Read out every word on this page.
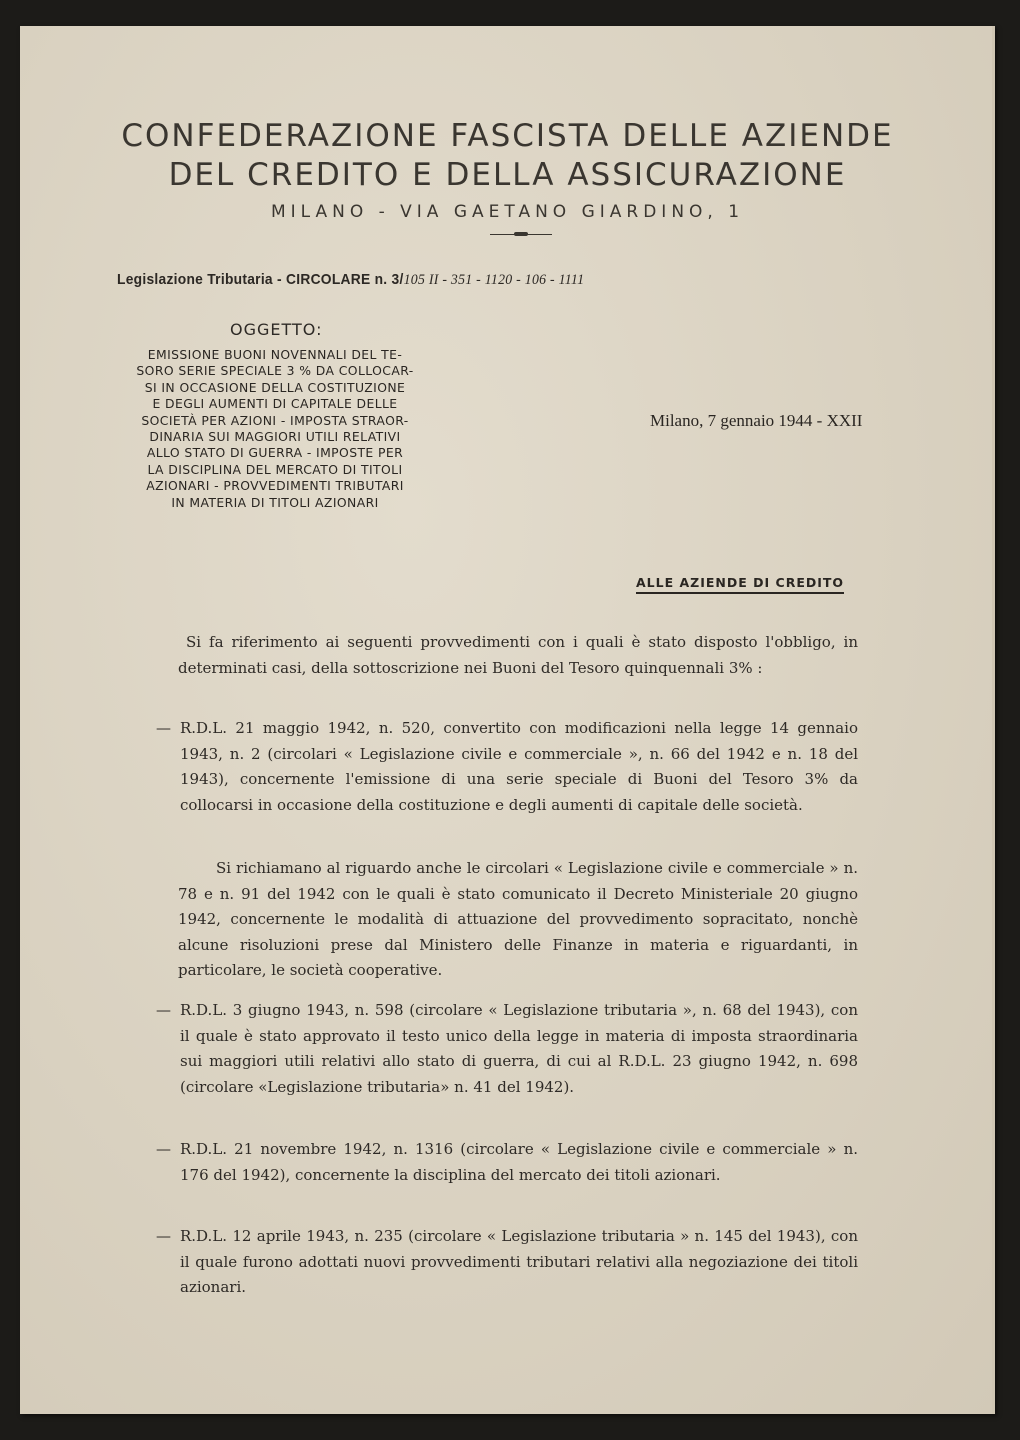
CONFEDERAZIONE FASCISTA DELLE AZIENDE
DEL CREDITO E DELLA ASSICURAZIONE
MILANO - VIA GAETANO GIARDINO, 1
Legislazione Tributaria - CIRCOLARE n. 3/105 II - 351 - 1120 - 106 - 1111
OGGETTO:
EMISSIONE BUONI NOVENNALI DEL TE-
SORO SERIE SPECIALE 3 % DA COLLOCAR-
SI IN OCCASIONE DELLA COSTITUZIONE
E DEGLI AUMENTI DI CAPITALE DELLE
SOCIETÀ PER AZIONI - IMPOSTA STRAOR-
DINARIA SUI MAGGIORI UTILI RELATIVI
ALLO STATO DI GUERRA - IMPOSTE PER
LA DISCIPLINA DEL MERCATO DI TITOLI
AZIONARI - PROVVEDIMENTI TRIBUTARI
IN MATERIA DI TITOLI AZIONARI
Milano, 7 gennaio 1944 - XXII
ALLE AZIENDE DI CREDITO
Si fa riferimento ai seguenti provvedimenti con i quali è stato disposto l'obbligo, in determinati casi, della sottoscrizione nei Buoni del Tesoro quinquennali 3% :
— R.D.L. 21 maggio 1942, n. 520, convertito con modificazioni nella legge 14 gennaio 1943, n. 2 (circolari « Legislazione civile e commerciale », n. 66 del 1942 e n. 18 del 1943), concernente l'emissione di una serie speciale di Buoni del Tesoro 3% da collocarsi in occasione della costituzione e degli aumenti di capitale delle società.
Si richiamano al riguardo anche le circolari « Legislazione civile e commerciale » n. 78 e n. 91 del 1942 con le quali è stato comunicato il Decreto Ministeriale 20 giugno 1942, concernente le modalità di attuazione del provvedimento sopracitato, nonchè alcune risoluzioni prese dal Ministero delle Finanze in materia e riguardanti, in particolare, le società cooperative.
— R.D.L. 3 giugno 1943, n. 598 (circolare « Legislazione tributaria », n. 68 del 1943), con il quale è stato approvato il testo unico della legge in materia di imposta straordinaria sui maggiori utili relativi allo stato di guerra, di cui al R.D.L. 23 giugno 1942, n. 698 (circolare «Legislazione tributaria» n. 41 del 1942).
— R.D.L. 21 novembre 1942, n. 1316 (circolare « Legislazione civile e commerciale » n. 176 del 1942), concernente la disciplina del mercato dei titoli azionari.
— R.D.L. 12 aprile 1943, n. 235 (circolare « Legislazione tributaria » n. 145 del 1943), con il quale furono adottati nuovi provvedimenti tributari relativi alla negoziazione dei titoli azionari.
